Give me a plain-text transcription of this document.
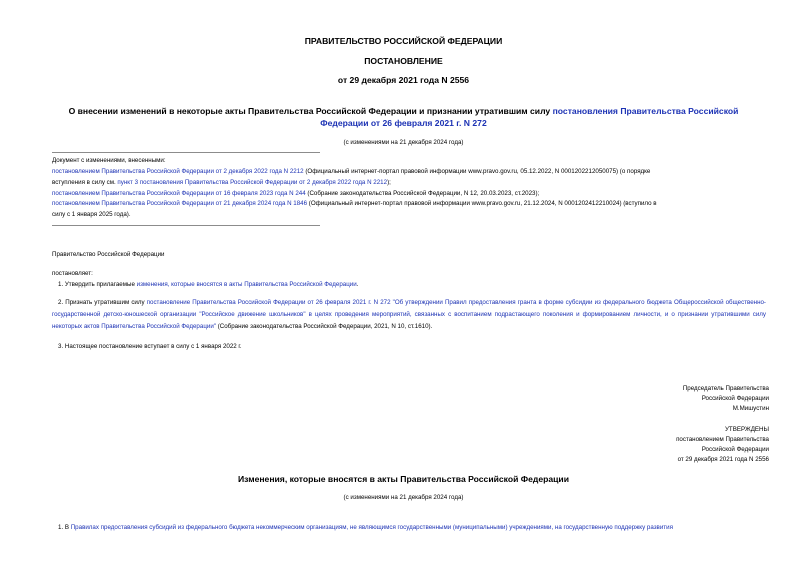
ПРАВИТЕЛЬСТВО РОССИЙСКОЙ ФЕДЕРАЦИИ
ПОСТАНОВЛЕНИЕ
от 29 декабря 2021 года N 2556
О внесении изменений в некоторые акты Правительства Российской Федерации и признании утратившим силу постановления Правительства Российской
Федерации от 26 февраля 2021 г. N 272
(с изменениями на 21 декабря 2024 года)
Документ с изменениями, внесенными:
постановлением Правительства Российской Федерации от 2 декабря 2022 года N 2212 (Официальный интернет-портал правовой информации www.pravo.gov.ru, 05.12.2022, N 0001202212050075) (о порядке
вступления в силу см. пункт 3 постановления Правительства Российской Федерации от 2 декабря 2022 года N 2212);
постановлением Правительства Российской Федерации от 16 февраля 2023 года N 244 (Собрание законодательства Российской Федерации, N 12, 20.03.2023, ст.2023);
постановлением Правительства Российской Федерации от 21 декабря 2024 года N 1846 (Официальный интернет-портал правовой информации www.pravo.gov.ru, 21.12.2024, N 0001202412210024) (вступило в
силу с 1 января 2025 года).
Правительство Российской Федерации
постановляет:
1. Утвердить прилагаемые изменения, которые вносятся в акты Правительства Российской Федерации.
2. Признать утратившим силу постановление Правительства Российской Федерации от 26 февраля 2021 г. N 272 "Об утверждении Правил предоставления гранта в форме субсидии из федерального бюджета Общероссийской общественно-государственной детско-юношеской организации "Российское движение школьников" в целях проведения мероприятий, связанных с воспитанием подрастающего поколения и формированием личности, и о признании утратившими силу некоторых актов Правительства Российской Федерации" (Собрание законодательства Российской Федерации, 2021, N 10, ст.1610).
3. Настоящее постановление вступает в силу с 1 января 2022 г.
Председатель Правительства
Российской Федерации
М.Мишустин
УТВЕРЖДЕНЫ
постановлением Правительства
Российской Федерации
от 29 декабря 2021 года N 2556
Изменения, которые вносятся в акты Правительства Российской Федерации
(с изменениями на 21 декабря 2024 года)
1. В Правилах предоставления субсидий из федерального бюджета некоммерческим организациям, не являющимся государственными (муниципальными) учреждениями, на государственную поддержку развития
